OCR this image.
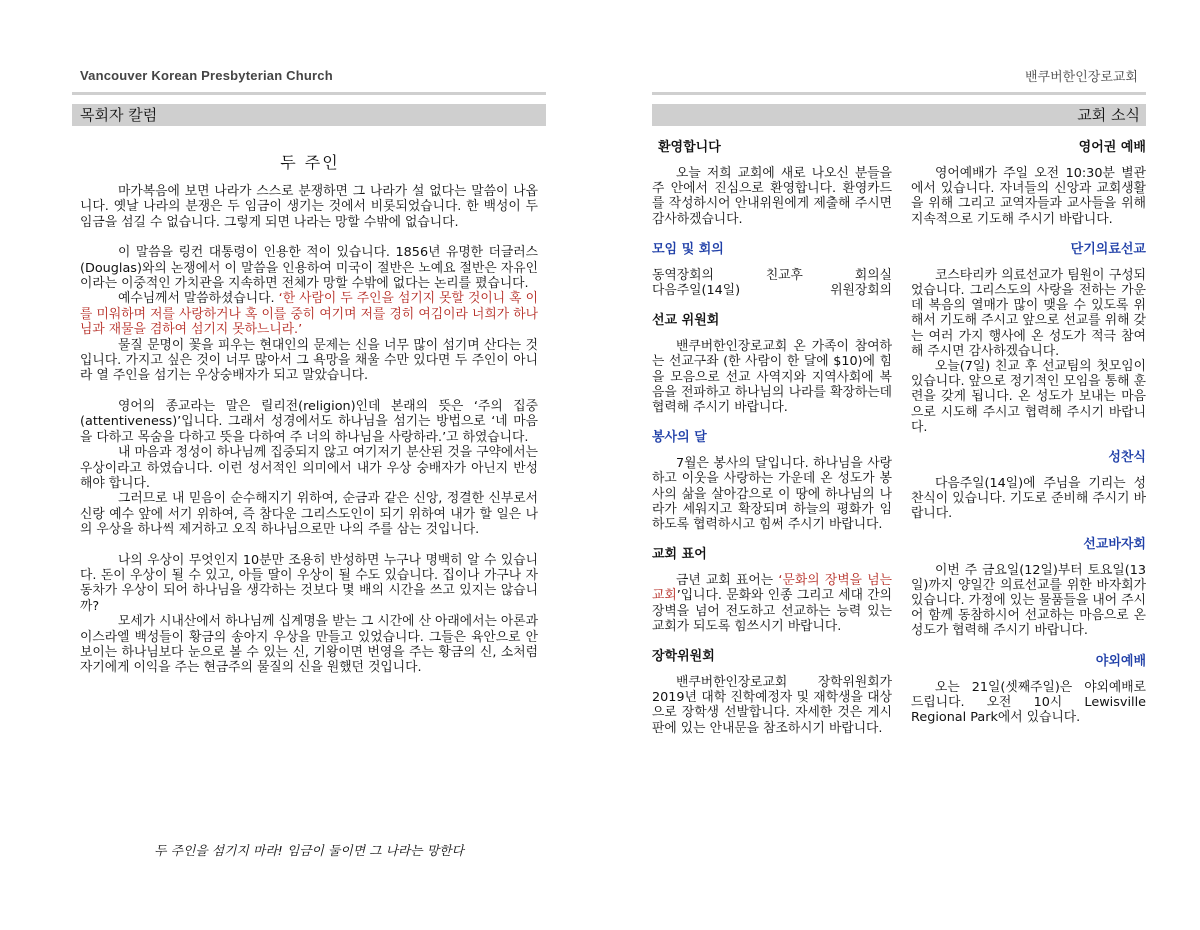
Vancouver Korean Presbyterian Church
목회자 칼럼
두 주인

마가복음에 보면 나라가 스스로 분쟁하면 그 나라가 설 없다는 말씀이 나옵니다. 옛날 나라의 분쟁은 두 임금이 생기는 것에서 비롯되었습니다. 한 백성이 두 임금을 섬길 수 없습니다. 그렇게 되면 나라는 망할 수밖에 없습니다.

이 말씀을 링컨 대통령이 인용한 적이 있습니다. 1856년 유명한 더글러스(Douglas)와의 논쟁에서 이 말씀을 인용하여 미국이 절반은 노예요 절반은 자유인이라는 이중적인 가치관을 지속하면 전체가 망할 수밖에 없다는 논리를 폈습니다.

예수님께서 말씀하셨습니다. ‘한 사람이 두 주인을 섬기지 못할 것이니 혹 이를 미워하며 저를 사랑하거나 혹 이를 중히 여기며 저를 경히 여김이라 너희가 하나님과 재물을 겸하여 섬기지 못하느니라.’

물질 문명이 꽃을 피우는 현대인의 문제는 신을 너무 많이 섬기며 산다는 것입니다. 가지고 싶은 것이 너무 많아서 그 욕망을 채울 수만 있다면 두 주인이 아니라 열 주인을 섬기는 우상숭배자가 되고 말았습니다.

영어의 종교라는 말은 릴리전(religion)인데 본래의 뜻은 ‘주의 집중(attentiveness)’입니다. 그래서 성경에서도 하나님을 섬기는 방법으로 ‘네 마음을 다하고 목숨을 다하고 뜻을 다하여 주 너의 하나님을 사랑하라.’고 하였습니다.

내 마음과 정성이 하나님께 집중되지 않고 여기저기 분산된 것을 구약에서는 우상이라고 하였습니다. 이런 성서적인 의미에서 내가 우상 숭배자가 아닌지 반성해야 합니다.

그러므로 내 믿음이 순수해지기 위하여, 순금과 같은 신앙, 정결한 신부로서 신랑 예수 앞에 서기 위하여, 즉 참다운 그리스도인이 되기 위하여 내가 할 일은 나의 우상을 하나씩 제거하고 오직 하나님으로만 나의 주를 삼는 것입니다.

나의 우상이 무엇인지 10분만 조용히 반성하면 누구나 명백히 알 수 있습니다. 돈이 우상이 될 수 있고, 아들 딸이 우상이 될 수도 있습니다. 집이나 가구나 자동차가 우상이 되어 하나님을 생각하는 것보다 몇 배의 시간을 쓰고 있지는 않습니까?

모세가 시내산에서 하나님께 십계명을 받는 그 시간에 산 아래에서는 아론과 이스라엘 백성들이 황금의 송아지 우상을 만들고 있었습니다. 그들은 육안으로 안 보이는 하나님보다 눈으로 볼 수 있는 신, 기왕이면 번영을 주는 황금의 신, 소처럼 자기에게 이익을 주는 현금주의 물질의 신을 원했던 것입니다.

두 주인을 섬기지 마라! 임금이 둘이면 그 나라는 망한다
밴쿠버한인장로교회
교회 소식
환영합니다

오늘 저희 교회에 새로 나오신 분들을 주 안에서 진심으로 환영합니다. 환영카드를 작성하시어 안내위원에게 제출해 주시면 감사하겠습니다.

모임 및 회의
동역장회의	친교후	회의실
다음주일(14일)	위원장회의
선교 위원회

밴쿠버한인장로교회 온 가족이 참여하는 선교구좌 (한 사람이 한 달에 $10)에 힘을 모음으로 선교 사역지와 지역사회에 복음을 전파하고 하나님의 나라를 확장하는데 협력해 주시기 바랍니다.

봉사의 달

7월은 봉사의 달입니다. 하나님을 사랑하고 이웃을 사랑하는 가운데 온 성도가 봉사의 삶을 살아감으로 이 땅에 하나님의 나라가 세워지고 확장되며 하늘의 평화가 임하도록 협력하시고 힘써 주시기 바랍니다.

교회 표어

금년 교회 표어는 ‘문화의 장벽을 넘는 교회’입니다. 문화와 인종 그리고 세대 간의 장벽을 넘어 전도하고 선교하는 능력 있는 교회가 되도록 힘쓰시기 바랍니다.

장학위원회

밴쿠버한인장로교회 장학위원회가 2019년 대학 진학예정자 및 재학생을 대상으로 장학생 선발합니다. 자세한 것은 게시판에 있는 안내문을 참조하시기 바랍니다.

영어권 예배

영어예배가 주일 오전 10:30분 별관에서 있습니다. 자녀들의 신앙과 교회생활을 위해 그리고 교역자들과 교사들을 위해 지속적으로 기도해 주시기 바랍니다.

단기의료선교

코스타리카 의료선교가 팀원이 구성되었습니다. 그리스도의 사랑을 전하는 가운데 복음의 열매가 많이 맺을 수 있도록 위해서 기도해 주시고 앞으로 선교를 위해 갖는 여러 가지 행사에 온 성도가 적극 참여해 주시면 감사하겠습니다.

오늘(7일) 친교 후 선교팀의 첫모임이 있습니다. 앞으로 정기적인 모임을 통해 훈련을 갖게 됩니다. 온 성도가 보내는 마음으로 시도해 주시고 협력해 주시기 바랍니다.

성찬식

다음주일(14일)에 주님을 기리는 성찬식이 있습니다. 기도로 준비해 주시기 바랍니다.

선교바자회

이번 주 금요일(12일)부터 토요일(13일)까지 양일간 의료선교를 위한 바자회가 있습니다. 가정에 있는 물품들을 내어 주시어 함께 동참하시어 선교하는 마음으로 온 성도가 협력해 주시기 바랍니다.

야외예배

오는 21일(셋째주일)은 야외예배로 드립니다. 오전 10시 Lewisville Regional Park에서 있습니다.
